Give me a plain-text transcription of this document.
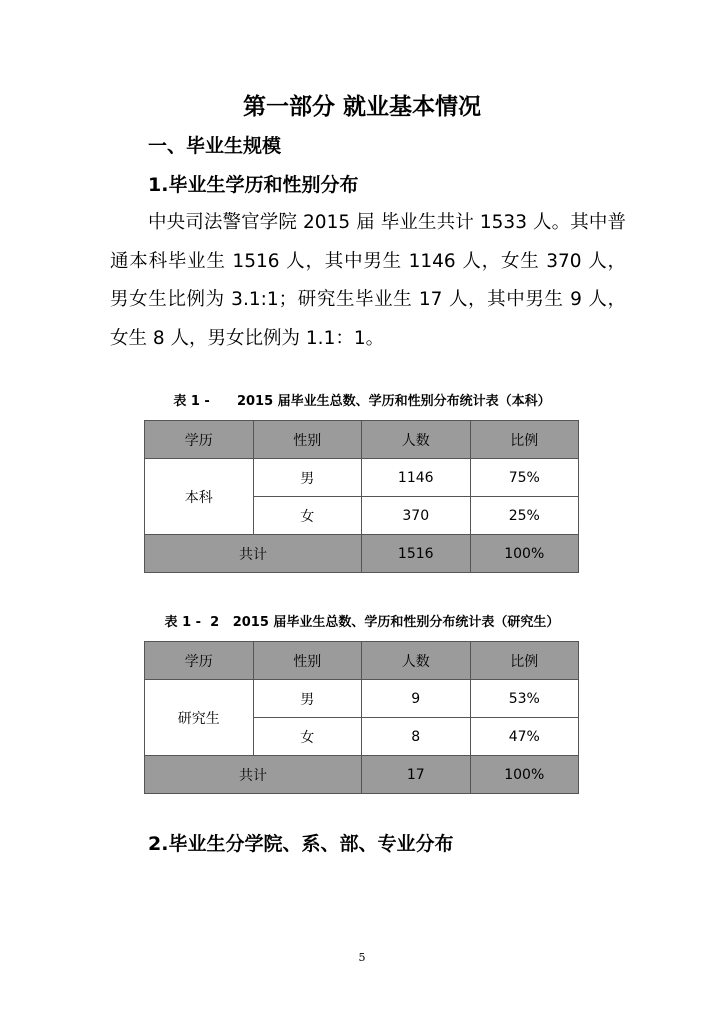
第一部分 就业基本情况
一、毕业生规模
1.毕业生学历和性别分布

中央司法警官学院 2015 届 毕业生共计 1533 人。其中普通本科毕业生 1516 人，其中男生 1146 人，女生 370 人，男女生比例为 3.1:1；研究生毕业生 17 人，其中男生 9 人，女生 8 人，男女比例为 1.1：1。

表 1 -      2015 届毕业生总数、学历和性别分布统计表（本科）

学历	性别	人数	比例
本科	男	1146	75%
	女	370	25%
共计		1516	100%

表 1 -  2   2015 届毕业生总数、学历和性别分布统计表（研究生）

学历	性别	人数	比例
研究生	男	9	53%
	女	8	47%
共计		17	100%
2.毕业生分学院、系、部、专业分布

5
